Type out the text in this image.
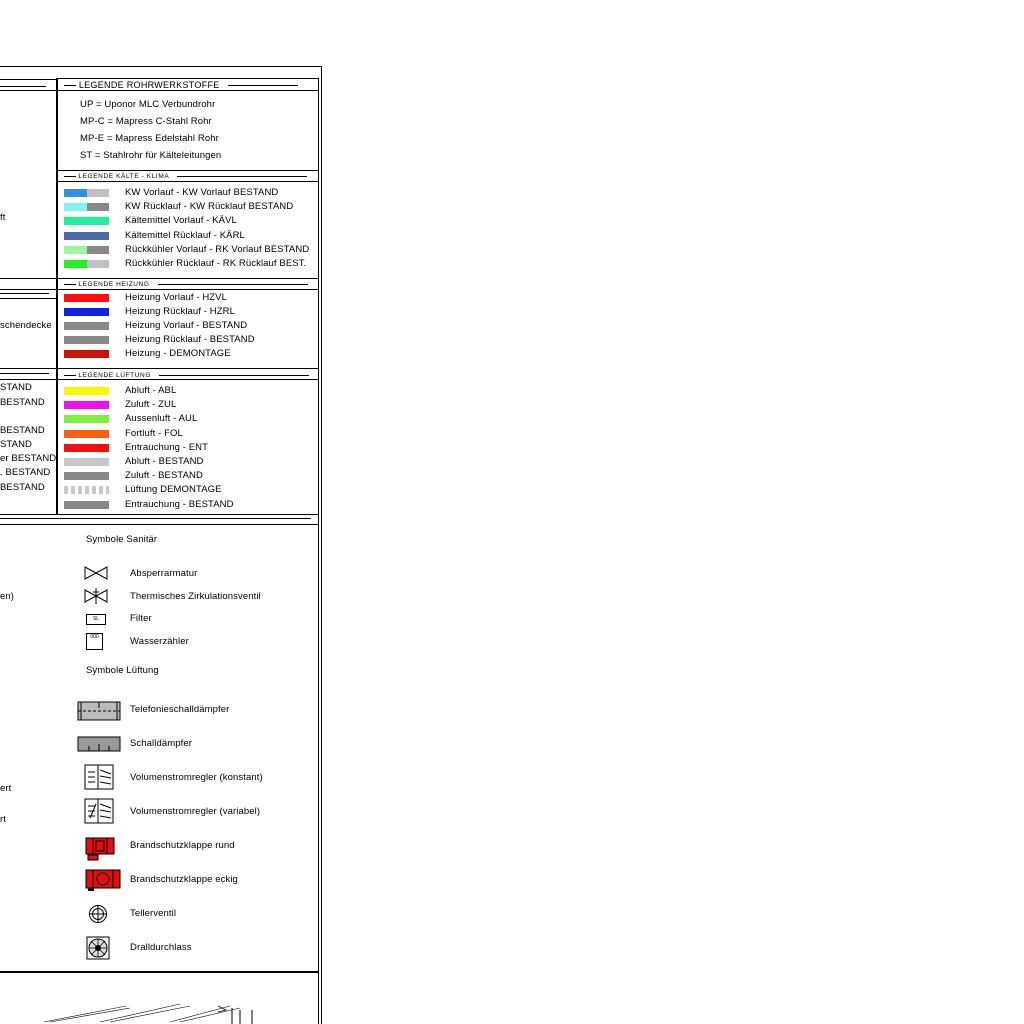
ft
schendecke
STAND
BESTAND
BESTAND
STAND
er BESTAND
. BESTAND
BESTAND
en)
ert
rt
LEGENDE ROHRWERKSTOFFE
UP = Uponor MLC Verbundrohr
MP-C = Mapress C-Stahl Rohr
MP-E = Mapress Edelstahl Rohr
ST = Stahlrohr für Kälteleitungen
LEGENDE KÄLTE - KLIMA
KW Vorlauf - KW Vorlauf BESTAND
KW Rücklauf - KW Rücklauf BESTAND
Kältemittel Vorlauf - KÄVL
Kältemittel Rücklauf - KÄRL
Rückkühler Vorlauf - RK Vorlauf BESTAND
Rückkühler Rücklauf - RK Rücklauf BEST.
LEGENDE HEIZUNG
Heizung Vorlauf - HZVL
Heizung Rücklauf - HZRL
Heizung Vorlauf - BESTAND
Heizung Rücklauf - BESTAND
Heizung - DEMONTAGE
LEGENDE LÜFTUNG
Abluft - ABL
Zuluft - ZUL
Aussenluft - AUL
Fortluft - FOL
Entrauchung - ENT
Abluft - BESTAND
Zuluft - BESTAND
Lüftung DEMONTAGE
Entrauchung - BESTAND
Symbole Sanitär
Absperrarmatur
Thermisches Zirkulationsventil
SL	Filter
000	Wasserzähler
Symbole Lüftung
Telefonieschalldämpfer
Schalldämpfer
Volumenstromregler (konstant)
Volumenstromregler (variabel)
Brandschutzklappe rund
Brandschutzklappe eckig
Tellerventil
Dralldurchlass
